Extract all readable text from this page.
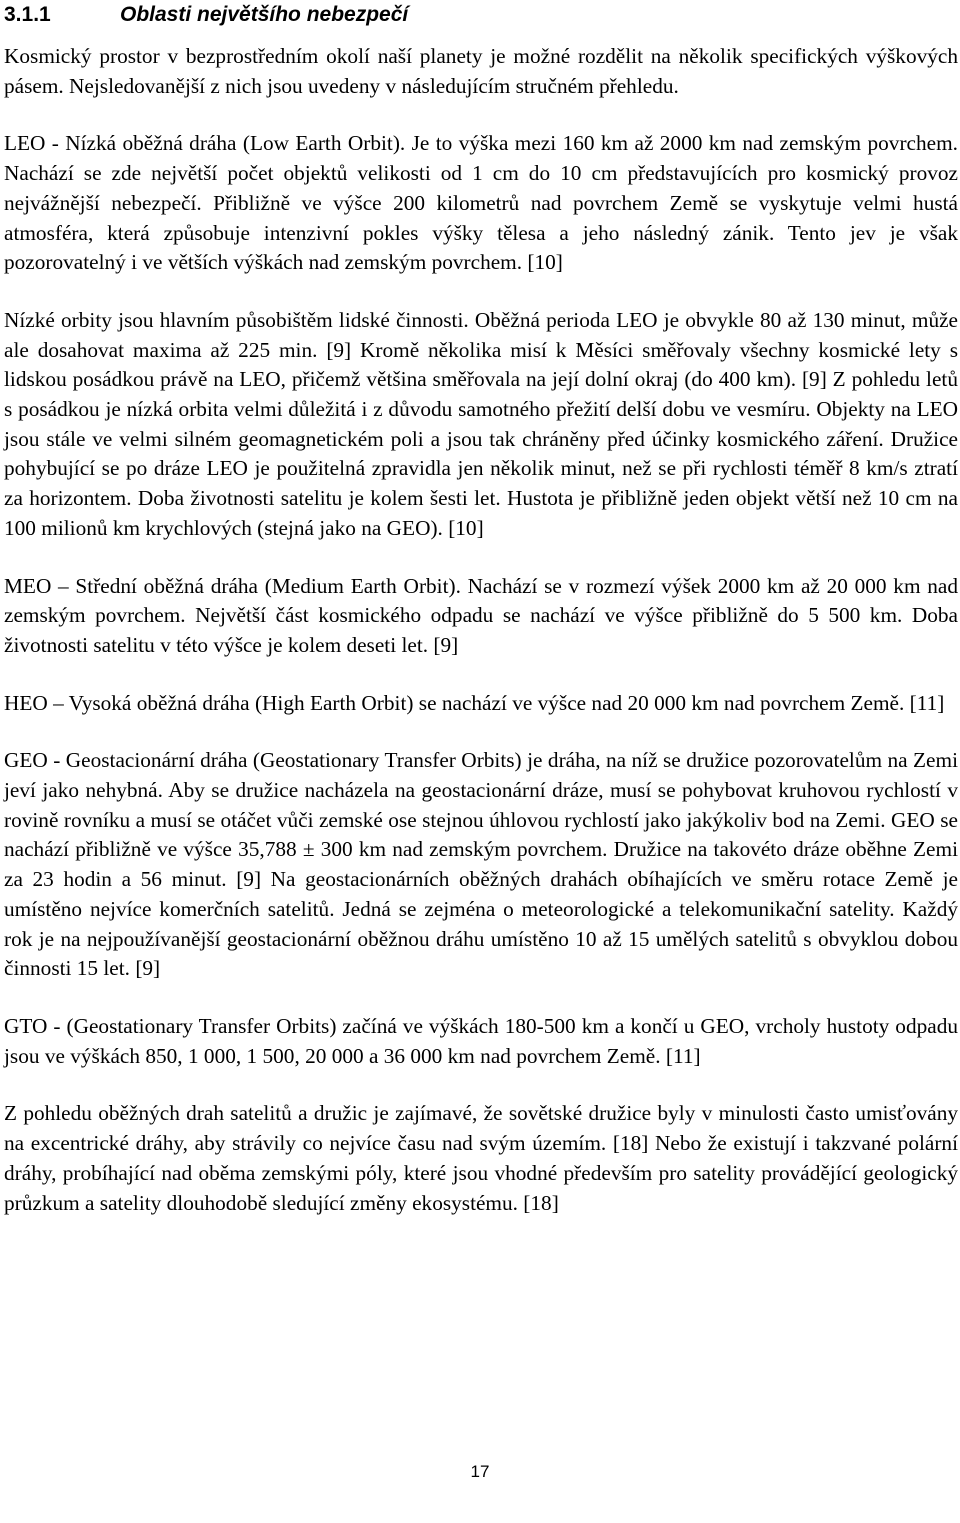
3.1.1	Oblasti největšího nebezpečí

Kosmický prostor v bezprostředním okolí naší planety je možné rozdělit na několik specifických výškových pásem. Nejsledovanější z nich jsou uvedeny v následujícím stručném přehledu.

LEO - Nízká oběžná dráha (Low Earth Orbit). Je to výška mezi 160 km až 2000 km nad zemským povrchem. Nachází se zde největší počet objektů velikosti od 1 cm do 10 cm představujících pro kosmický provoz nejvážnější nebezpečí. Přibližně ve výšce 200 kilometrů nad povrchem Země se vyskytuje velmi hustá atmosféra, která způsobuje intenzivní pokles výšky tělesa a jeho následný zánik. Tento jev je však pozorovatelný i ve větších výškách nad zemským povrchem. [10]

Nízké orbity jsou hlavním působištěm lidské činnosti. Oběžná perioda LEO je obvykle 80 až 130 minut, může ale dosahovat maxima až 225 min. [9] Kromě několika misí k Měsíci směřovaly všechny kosmické lety s lidskou posádkou právě na LEO, přičemž většina směřovala na její dolní okraj (do 400 km). [9] Z pohledu letů s posádkou je nízká orbita velmi důležitá i z důvodu samotného přežití delší dobu ve vesmíru. Objekty na LEO jsou stále ve velmi silném geomagnetickém poli a jsou tak chráněny před účinky kosmického záření. Družice pohybující se po dráze LEO je použitelná zpravidla jen několik minut, než se při rychlosti téměř 8 km/s ztratí za horizontem. Doba životnosti satelitu je kolem šesti let. Hustota je přibližně jeden objekt větší než 10 cm na 100 milionů km krychlových (stejná jako na GEO). [10]

MEO – Střední oběžná dráha (Medium Earth Orbit). Nachází se v rozmezí výšek 2000 km až 20 000 km nad zemským povrchem. Největší část kosmického odpadu se nachází ve výšce přibližně do 5 500 km. Doba životnosti satelitu v této výšce je kolem deseti let. [9]

HEO – Vysoká oběžná dráha (High Earth Orbit) se nachází ve výšce nad 20 000 km nad povrchem Země. [11]

GEO - Geostacionární dráha (Geostationary Transfer Orbits) je dráha, na níž se družice pozorovatelům na Zemi jeví jako nehybná. Aby se družice nacházela na geostacionární dráze, musí se pohybovat kruhovou rychlostí v rovině rovníku a musí se otáčet vůči zemské ose stejnou úhlovou rychlostí jako jakýkoliv bod na Zemi. GEO se nachází přibližně ve výšce 35,788 ± 300 km nad zemským povrchem. Družice na takovéto dráze oběhne Zemi za 23 hodin a 56 minut. [9] Na geostacionárních oběžných drahách obíhajících ve směru rotace Země je umístěno nejvíce komerčních satelitů. Jedná se zejména o meteorologické a telekomunikační satelity. Každý rok je na nejpoužívanější geostacionární oběžnou dráhu umístěno 10 až 15 umělých satelitů s obvyklou dobou činnosti 15 let. [9]

GTO - (Geostationary Transfer Orbits) začíná ve výškách 180-500 km a končí u GEO, vrcholy hustoty odpadu jsou ve výškách 850, 1 000, 1 500, 20 000 a 36 000 km nad povrchem Země. [11]

Z pohledu oběžných drah satelitů a družic je zajímavé, že sovětské družice byly v minulosti často umisťovány na excentrické dráhy, aby strávily co nejvíce času nad svým územím. [18] Nebo že existují i takzvané polární dráhy, probíhající nad oběma zemskými póly, které jsou vhodné především pro satelity provádějící geologický průzkum a satelity dlouhodobě sledující změny ekosystému. [18]

17
